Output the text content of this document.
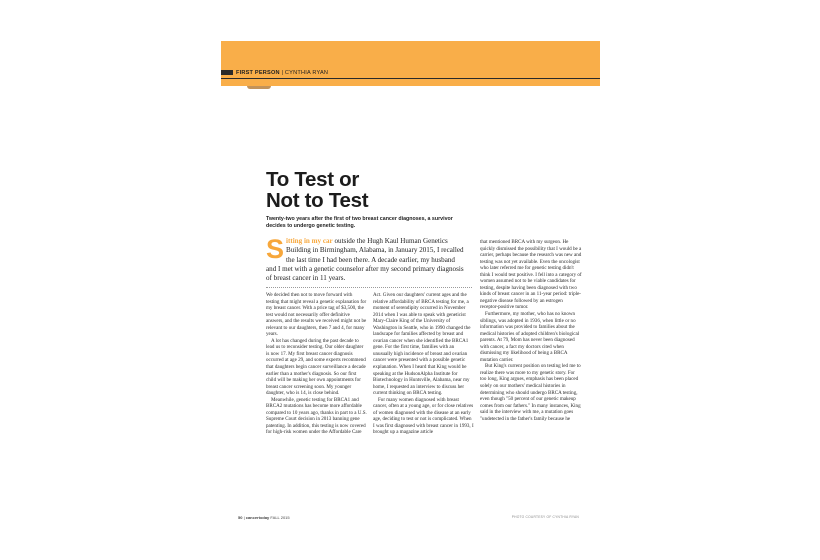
FIRST PERSON | CYNTHIA RYAN
To Test or
Not to Test
Twenty-two years after the first of two breast cancer diagnoses, a survivor decides to undergo genetic testing.
Sitting in my car outside the Hugh Kaul Human Genetics Building in Birmingham, Alabama, in January 2015, I recalled the last time I had been there. A decade earlier, my husband and I met with a genetic counselor after my second primary diagnosis of breast cancer in 11 years.

We decided then not to move forward with testing that might reveal a genetic explanation for my breast cancer. With a price tag of $3,500, the test would not necessarily offer definitive answers, and the results we received might not be relevant to our daughters, then 7 and 4, for many years.

A lot has changed during the past decade to lead us to reconsider testing. Our older daughter is now 17. My first breast cancer diagnosis occurred at age 29, and some experts recommend that daughters begin cancer surveillance a decade earlier than a mother's diagnosis. So our first child will be making her own appointments for breast cancer screening soon. My younger daughter, who is 14, is close behind.

Meanwhile, genetic testing for BRCA1 and BRCA2 mutations has become more affordable compared to 10 years ago, thanks in part to a U.S. Supreme Court decision in 2013 banning gene patenting. In addition, this testing is now covered for high-risk women under the Affordable Care

Act. Given our daughters' current ages and the relative affordability of BRCA testing for me, a moment of serendipity occurred in November 2014 when I was able to speak with geneticist Mary-Claire King of the University of Washington in Seattle, who in 1990 changed the landscape for families affected by breast and ovarian cancer when she identified the BRCA1 gene. For the first time, families with an unusually high incidence of breast and ovarian cancer were presented with a possible genetic explanation. When I heard that King would be speaking at the HudsonAlpha Institute for Biotechnology in Huntsville, Alabama, near my home, I requested an interview to discuss her current thinking on BRCA testing.

For many women diagnosed with breast cancer, often at a young age, or for close relatives of women diagnosed with the disease at an early age, deciding to test or not is complicated. When I was first diagnosed with breast cancer in 1993, I brought up a magazine article

that mentioned BRCA with my surgeon. He quickly dismissed the possibility that I would be a carrier, perhaps because the research was new and testing was not yet available. Even the oncologist who later referred me for genetic testing didn't think I would test positive. I fell into a category of women assumed not to be viable candidates for testing, despite having been diagnosed with two kinds of breast cancer in an 11-year period: triple-negative disease followed by an estrogen receptor-positive tumor.

Furthermore, my mother, who has no known siblings, was adopted in 1936, when little or no information was provided to families about the medical histories of adopted children's biological parents. At 79, Mom has never been diagnosed with cancer, a fact my doctors cited when dismissing my likelihood of being a BRCA mutation carrier.

But King's current position on testing led me to realize there was more to my genetic story. For too long, King argues, emphasis has been placed solely on our mothers' medical histories in determining who should undergo BRCA testing, even though "50 percent of our genetic makeup comes from our fathers." In many instances, King said in the interview with me, a mutation goes "undetected in the father's family because he

50 | cancertoday FALL 2015	PHOTO COURTESY OF CYNTHIA RYAN
